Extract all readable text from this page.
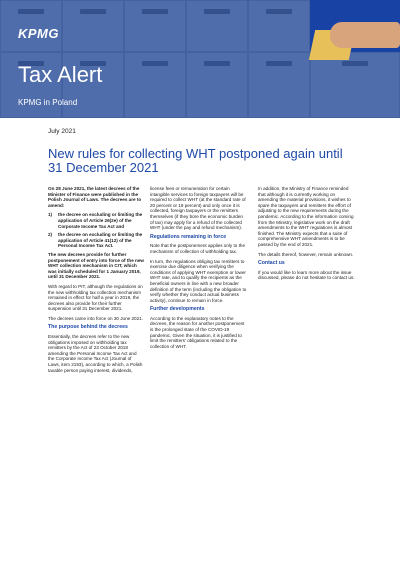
KPMG
Tax Alert
KPMG in Poland
July 2021
New rules for collecting WHT postponed again until 31 December 2021

On 28 June 2021, the latest decrees of the Minister of Finance were published in the Polish Journal of Laws. The decrees are to amend:

1)	the decree on excluding or limiting the application of Article 26(2e) of the Corporate Income Tax Act and
2)	the decree on excluding or limiting the application of Article 41(12) of the Personal Income Tax Act.

The new decrees provide for further postponement of entry into force of the new WHT collection mechanism in CIT, which was initially scheduled for 1 January 2019, until 31 December 2021.

With regard to PIT, although the regulations on the new withholding tax collection mechanism remained in effect for half a year in 2019, the decrees also provide for their further suspension until 31 December 2021.

The decrees came into force on 30 June 2021.

The purpose behind the decrees

Essentially, the decrees refer to the new obligations imposed on withholding tax remitters by the Act of 23 October 2018 amending the Personal Income Tax Act and the Corporate Income Tax Act (Journal of Laws, item 2193), according to which, a Polish taxable person paying interest, dividends,

license fees or remuneration for certain intangible services to foreign taxpayers will be required to collect WHT (at the standard rate of 20 percent or 19 percent) and only once it is collected, foreign taxpayers or the remitters themselves (if they bore the economic burden of tax) may apply for a refund of the collected WHT (under the pay and refund mechanism).

Regulations remaining in force

Note that the postponement applies only to the mechanism of collection of withholding tax.

In turn, the regulations obliging tax remitters to exercise due diligence when verifying the conditions of applying WHT exemption or lower WHT rate, and to qualify the recipients as the beneficial owners in line with a new broader definition of the term (including the obligation to verify whether they conduct actual business activity), continue to remain in force.

Further developments

According to the explanatory notes to the decrees, the reason for another postponement is the prolonged state of the COVID-19 pandemic. Given the situation, it is justified to limit the remitters' obligations related to the collection of WHT.

In addition, the Ministry of Finance reminded that although it is currently working on amending the material provisions, it wishes to spare the taxpayers and remitters the effort of adjusting to the new requirements during the pandemic. According to the information coming from the Ministry, legislative work on the draft amendments to the WHT regulations is almost finished. The Ministry expects that a suite of comprehensive WHT amendments is to be passed by the end of 2021.

The details thereof, however, remain unknown.

Contact us

If you would like to learn more about the issue discussed, please do not hesitate to contact us.
